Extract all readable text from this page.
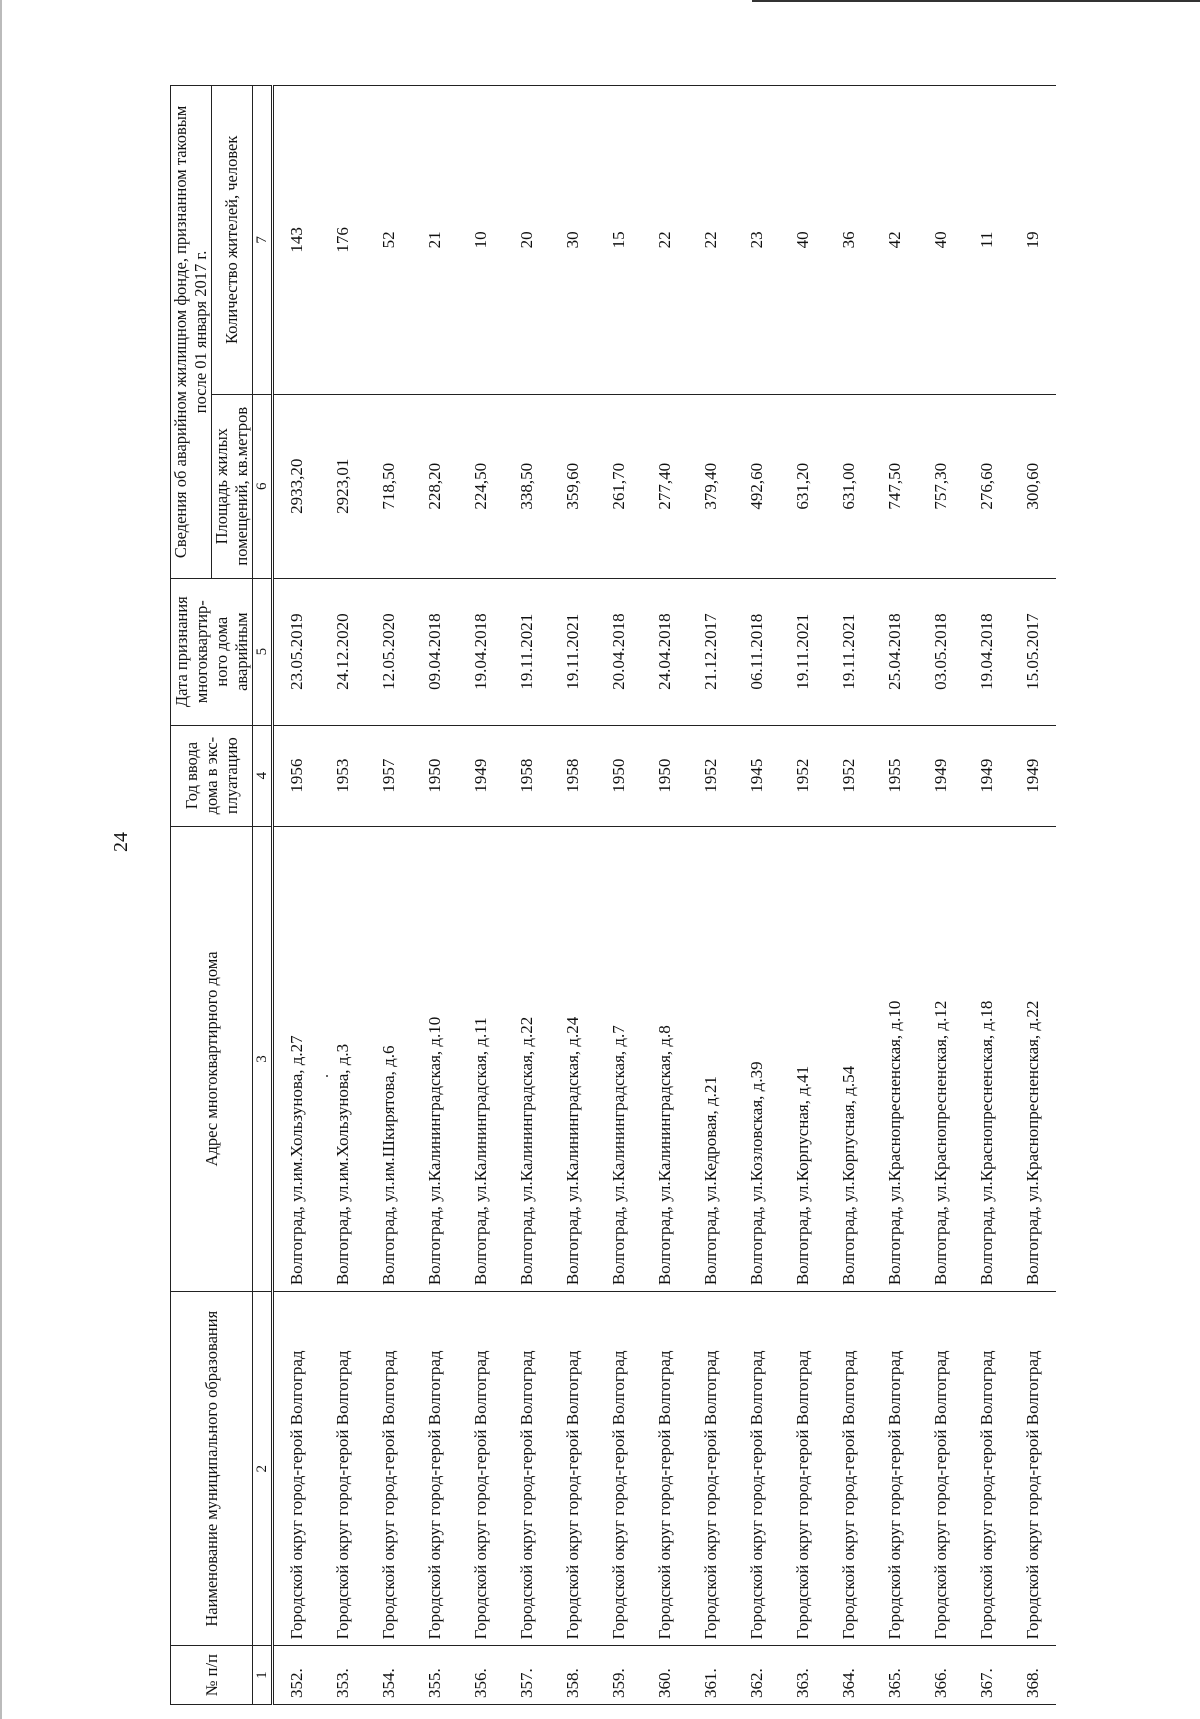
24
№ п/п	Наименование муниципального образования	Адрес многоквартирного дома	Год ввода дома в экс-плуатацию	Дата признания многоквартир-ного дома аварийным	Сведения об аварийном жилищном фонде, признанном таковым после 01 января 2017 г.	
					Площадь жилых помещений, кв.метров	Количество жителей, человек
1	2	3	4	5	6	7
352.	Городской округ город-герой Волгоград	Волгоград, ул.им.Хользунова, д.27	1956	23.05.2019	2933,20	143
353.	Городской округ город-герой Волгоград	Волгоград, ул.им.Хользунова, д.3	1953	24.12.2020	2923,01	176
354.	Городской округ город-герой Волгоград	Волгоград, ул.им.Шкирятова, д.6	1957	12.05.2020	718,50	52
355.	Городской округ город-герой Волгоград	Волгоград, ул.Калининградская, д.10	1950	09.04.2018	228,20	21
356.	Городской округ город-герой Волгоград	Волгоград, ул.Калининградская, д.11	1949	19.04.2018	224,50	10
357.	Городской округ город-герой Волгоград	Волгоград, ул.Калининградская, д.22	1958	19.11.2021	338,50	20
358.	Городской округ город-герой Волгоград	Волгоград, ул.Калининградская, д.24	1958	19.11.2021	359,60	30
359.	Городской округ город-герой Волгоград	Волгоград, ул.Калининградская, д.7	1950	20.04.2018	261,70	15
360.	Городской округ город-герой Волгоград	Волгоград, ул.Калининградская, д.8	1950	24.04.2018	277,40	22
361.	Городской округ город-герой Волгоград	Волгоград, ул.Кедровая, д.21	1952	21.12.2017	379,40	22
362.	Городской округ город-герой Волгоград	Волгоград, ул.Козловская, д.39	1945	06.11.2018	492,60	23
363.	Городской округ город-герой Волгоград	Волгоград, ул.Корпусная, д.41	1952	19.11.2021	631,20	40
364.	Городской округ город-герой Волгоград	Волгоград, ул.Корпусная, д.54	1952	19.11.2021	631,00	36
365.	Городской округ город-герой Волгоград	Волгоград, ул.Краснопресненская, д.10	1955	25.04.2018	747,50	42
366.	Городской округ город-герой Волгоград	Волгоград, ул.Краснопресненская, д.12	1949	03.05.2018	757,30	40
367.	Городской округ город-герой Волгоград	Волгоград, ул.Краснопресненская, д.18	1949	19.04.2018	276,60	11
368.	Городской округ город-герой Волгоград	Волгоград, ул.Краснопресненская, д.22	1949	15.05.2017	300,60	19
